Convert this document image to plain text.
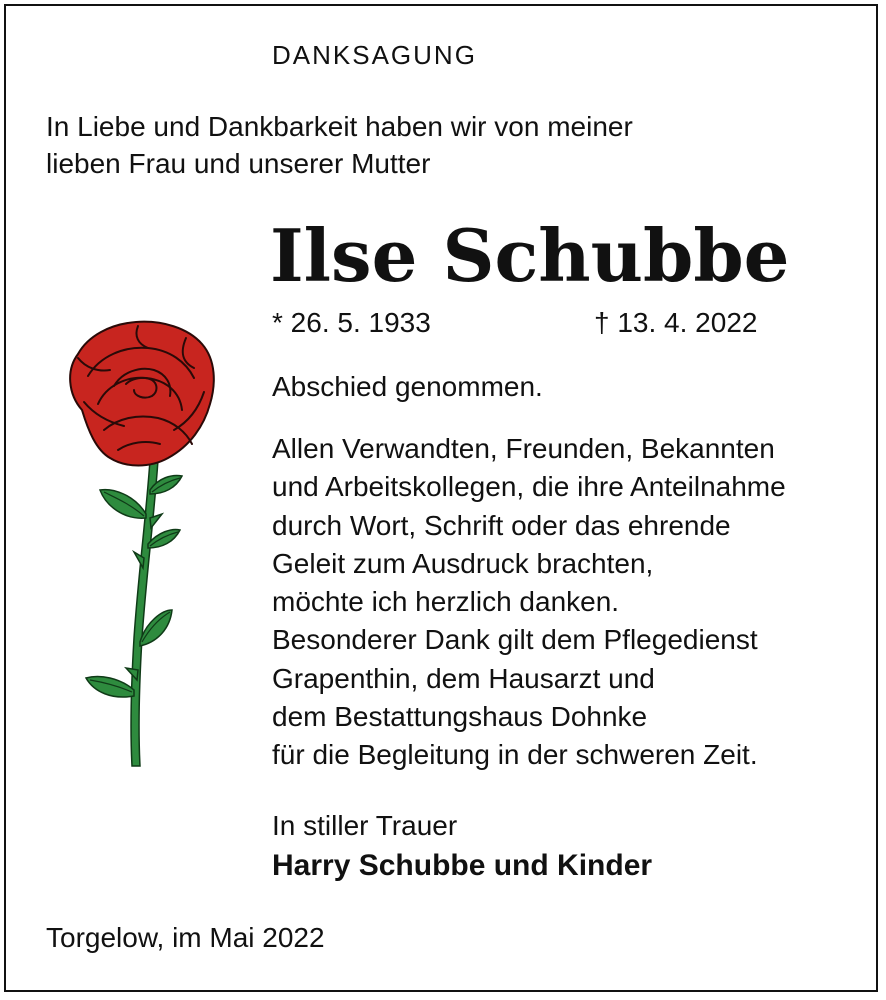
DANKSAGUNG
In Liebe und Dankbarkeit haben wir von meiner
lieben Frau und unserer Mutter
Ilse Schubbe
* 26. 5. 1933	† 13. 4. 2022
Abschied genommen.
Allen Verwandten, Freunden, Bekannten
und Arbeitskollegen, die ihre Anteilnahme
durch Wort, Schrift oder das ehrende
Geleit zum Ausdruck brachten,
möchte ich herzlich danken.
Besonderer Dank gilt dem Pflegedienst
Grapenthin, dem Hausarzt und
dem Bestattungshaus Dohnke
für die Begleitung in der schweren Zeit.
In stiller Trauer
Harry Schubbe und Kinder
Torgelow, im Mai 2022
